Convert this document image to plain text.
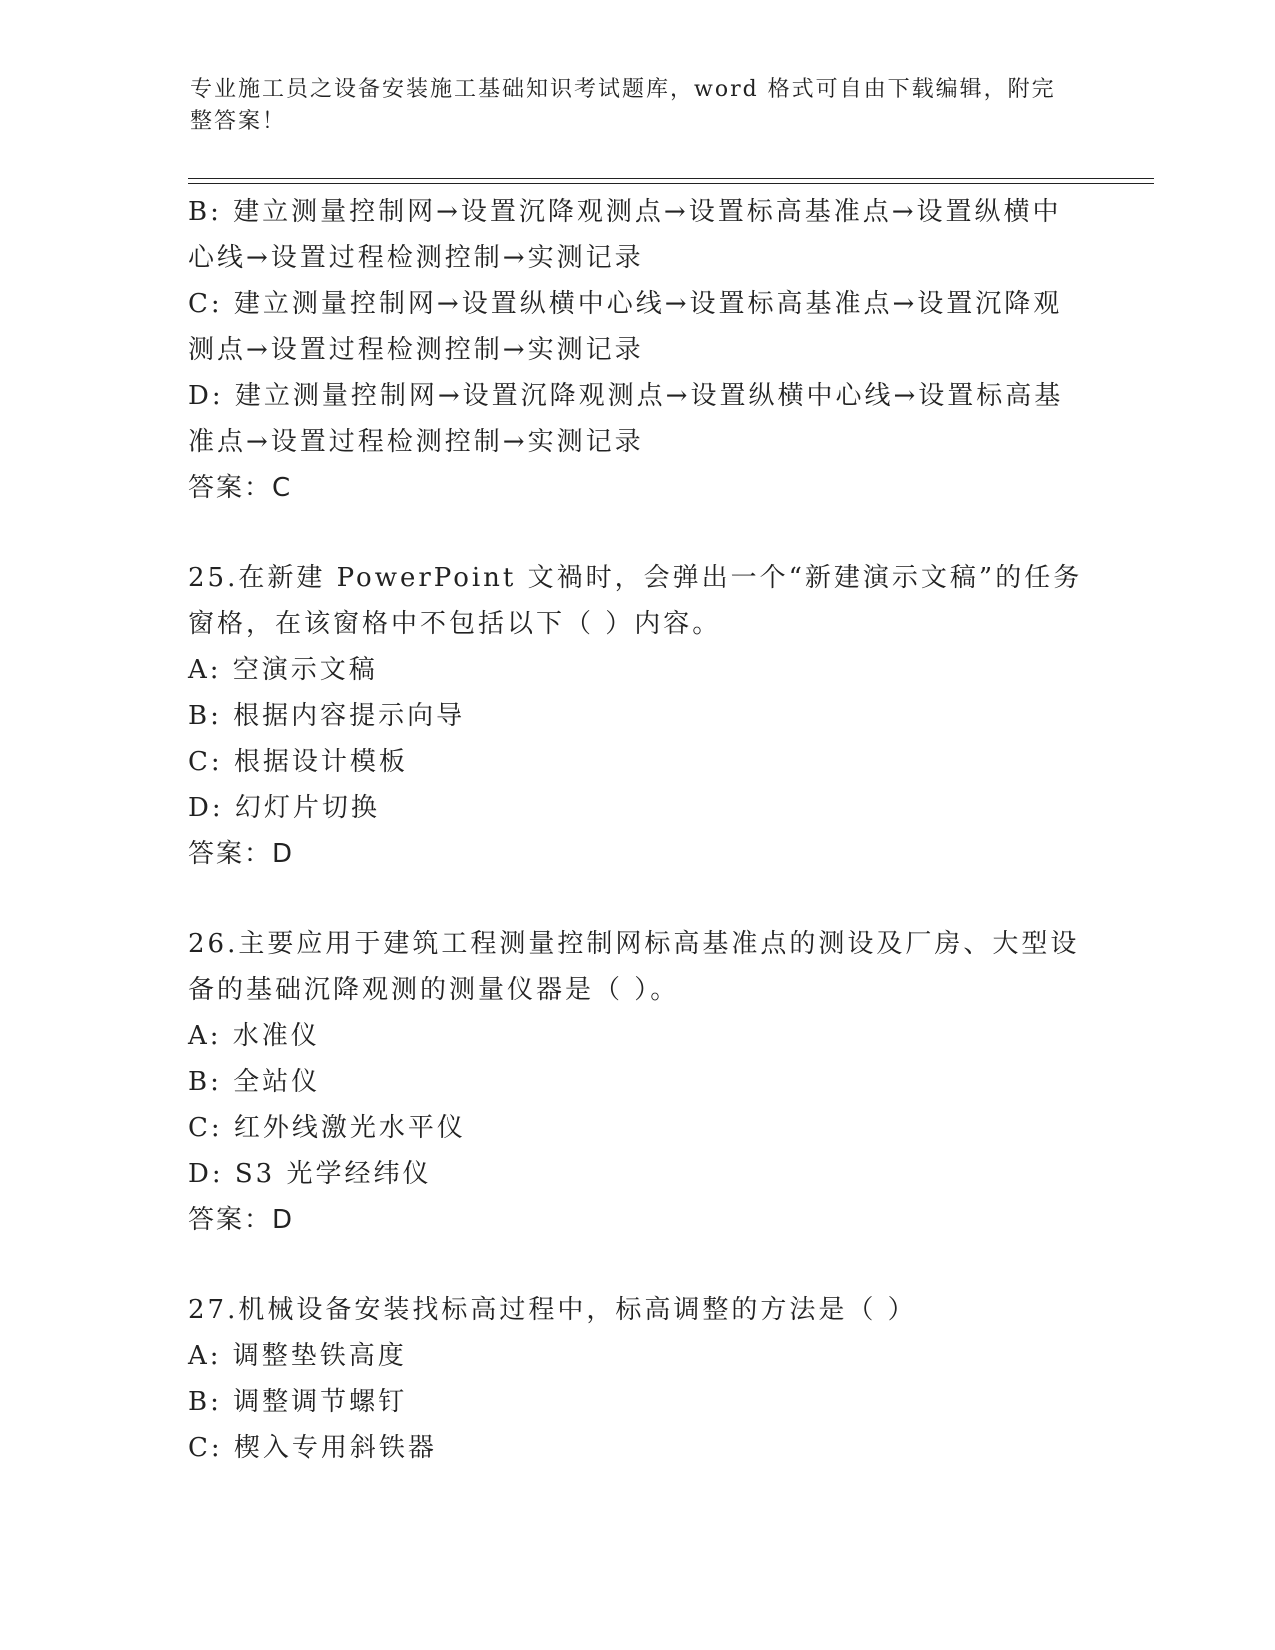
专业施工员之设备安装施工基础知识考试题库，word 格式可自由下载编辑，附完
整答案！
B: 建立测量控制网→设置沉降观测点→设置标高基准点→设置纵横中
心线→设置过程检测控制→实测记录
C: 建立测量控制网→设置纵横中心线→设置标高基准点→设置沉降观
测点→设置过程检测控制→实测记录
D: 建立测量控制网→设置沉降观测点→设置纵横中心线→设置标高基
准点→设置过程检测控制→实测记录
答案：C
25.在新建 PowerPoint 文禍时，会弹出一个“新建演示文稿”的任务
窗格，在该窗格中不包括以下（ ）内容。
A: 空演示文稿
B: 根据内容提示向导
C: 根据设计模板
D: 幻灯片切换
答案：D
26.主要应用于建筑工程测量控制网标高基准点的测设及厂房、大型设
备的基础沉降观测的测量仪器是（ ）。
A: 水准仪
B: 全站仪
C: 红外线激光水平仪
D: S3 光学经纬仪
答案：D
27.机械设备安装找标高过程中，标高调整的方法是（ ）
A: 调整垫铁高度
B: 调整调节螺钉
C: 楔入专用斜铁器
